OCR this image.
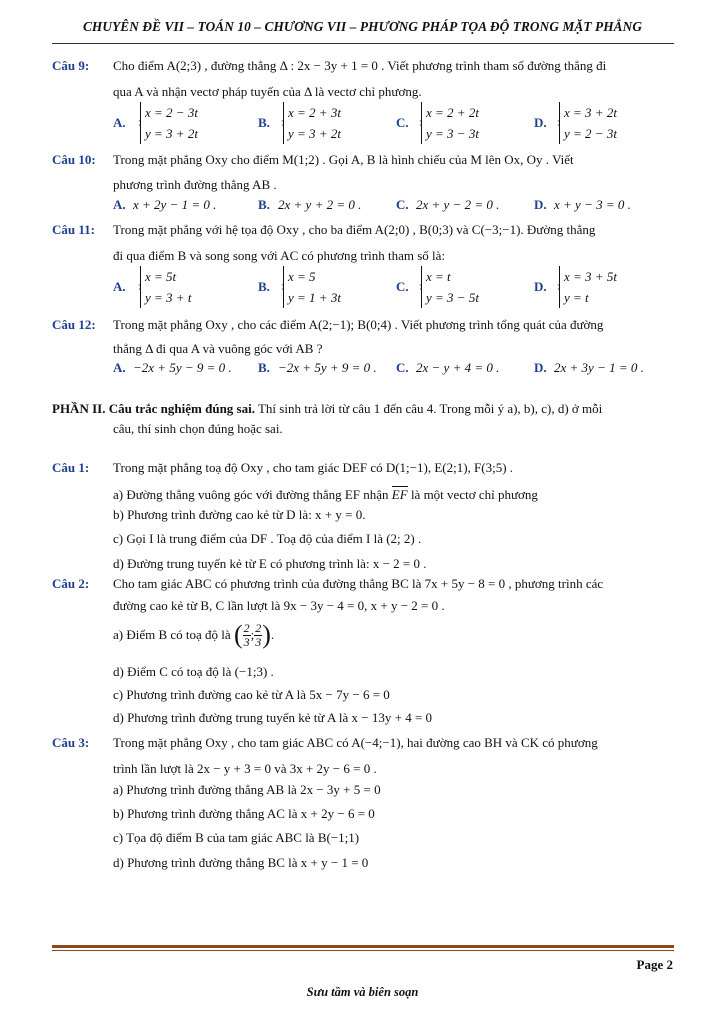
CHUYÊN ĐỀ VII – TOÁN 10 – CHƯƠNG VII – PHƯƠNG PHÁP TỌA ĐỘ TRONG MẶT PHẲNG
Câu 9: Cho điểm A(2;3) , đường thẳng Δ : 2x − 3y + 1 = 0 . Viết phương trình tham số đường thẳng đi
qua A và nhận vectơ pháp tuyến của Δ là vectơ chỉ phương.
A.
x = 2 − 3t
y = 3 + 2t
B.
x = 2 + 3t
y = 3 + 2t
C.
x = 2 + 2t
y = 3 − 3t
D.
x = 3 + 2t
y = 2 − 3t
Câu 10: Trong mặt phẳng Oxy cho điểm M(1;2) . Gọi A, B là hình chiếu của M lên Ox, Oy . Viết
phương trình đường thẳng AB .
A. x + 2y − 1 = 0 .	B. 2x + y + 2 = 0 .	C. 2x + y − 2 = 0 .	D. x + y − 3 = 0 .
Câu 11: Trong mặt phẳng với hệ tọa độ Oxy , cho ba điểm A(2;0) , B(0;3) và C(−3;−1). Đường thẳng
đi qua điểm B và song song với AC có phương trình tham số là:
A.
x = 5t
y = 3 + t
B.
x = 5
y = 1 + 3t
C.
x = t
y = 3 − 5t
D.
x = 3 + 5t
y = t
Câu 12: Trong mặt phẳng Oxy , cho các điểm A(2;−1); B(0;4) . Viết phương trình tổng quát của đường
thẳng Δ đi qua A và vuông góc với AB ?
A. −2x + 5y − 9 = 0 . B. −2x + 5y + 9 = 0 . C. 2x − y + 4 = 0 .	D. 2x + 3y − 1 = 0 .
PHẦN II. Câu trắc nghiệm đúng sai. Thí sinh trả lời từ câu 1 đến câu 4. Trong mỗi ý a), b), c), d) ở mỗi
câu, thí sinh chọn đúng hoặc sai.
Câu 1: Trong mặt phẳng toạ độ Oxy , cho tam giác DEF có D(1;−1), E(2;1), F(3;5) .
a) Đường thẳng vuông góc với đường thẳng EF nhận EF là một vectơ chỉ phương
b) Phương trình đường cao kẻ từ D là: x + y = 0.
c) Gọi I là trung điểm của DF . Toạ độ của điểm I là (2; 2) .
d) Đường trung tuyến kẻ từ E có phương trình là: x − 2 = 0 .
Câu 2: Cho tam giác ABC có phương trình của đường thẳng BC là 7x + 5y − 8 = 0 , phương trình các
đường cao kẻ từ B, C lần lượt là 9x − 3y − 4 = 0, x + y − 2 = 0 .
a) Điểm B có toạ độ là ( $\frac{2}{3}$ ; $\frac{2}{3}$ ).
d) Điểm C có toạ độ là (−1;3) .
c) Phương trình đường cao kẻ từ A là 5x − 7y − 6 = 0
d) Phương trình đường trung tuyến kẻ từ A là x − 13y + 4 = 0
Câu 3: Trong mặt phẳng Oxy , cho tam giác ABC có A(−4;−1), hai đường cao BH và CK có phương
trình lần lượt là 2x − y + 3 = 0 và 3x + 2y − 6 = 0 .
a) Phương trình đường thẳng AB là 2x − 3y + 5 = 0
b) Phương trình đường thẳng AC là x + 2y − 6 = 0
c) Tọa độ điểm B của tam giác ABC là B(−1;1)
d) Phương trình đường thẳng BC là x + y − 1 = 0
Page 2
Sưu tầm và biên soạn
